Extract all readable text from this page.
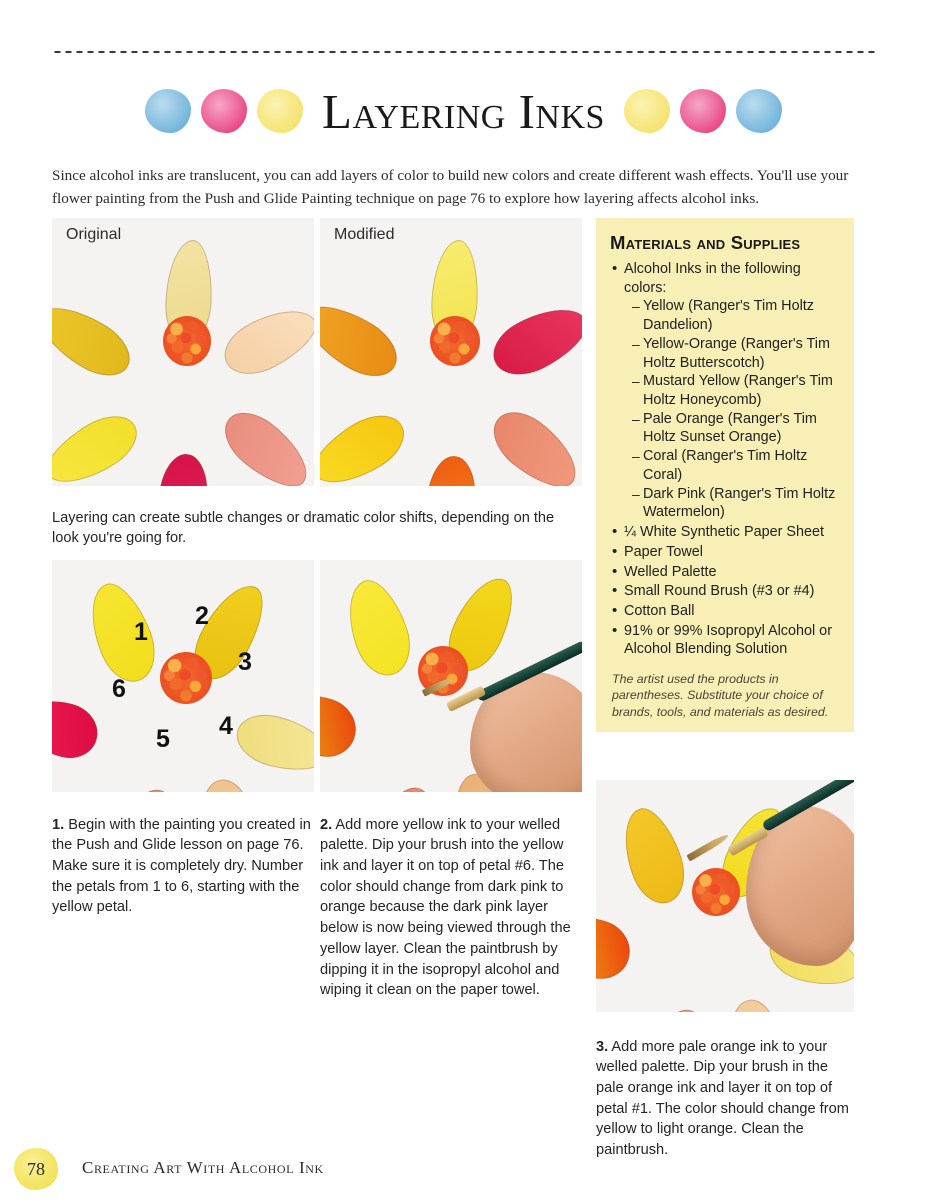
Layering Inks

Since alcohol inks are translucent, you can add layers of color to build new colors and create different wash effects. You'll use your flower painting from the Push and Glide Painting technique on page 76 to explore how layering affects alcohol inks.

Original	Modified

Layering can create subtle changes or dramatic color shifts, depending on the look you're going for.

1
2
3
4
5
6

1. Begin with the painting you created in the Push and Glide lesson on page 76. Make sure it is completely dry. Number the petals from 1 to 6, starting with the yellow petal.

2. Add more yellow ink to your welled palette. Dip your brush into the yellow ink and layer it on top of petal #6. The color should change from dark pink to orange because the dark pink layer below is now being viewed through the yellow layer. Clean the paintbrush by dipping it in the isopropyl alcohol and wiping it clean on the paper towel.

3. Add more pale orange ink to your welled palette. Dip your brush in the pale orange ink and layer it on top of petal #1. The color should change from yellow to light orange. Clean the paintbrush.

Materials and Supplies
• Alcohol Inks in the following colors:
– Yellow (Ranger's Tim Holtz Dandelion)
– Yellow-Orange (Ranger's Tim Holtz Butterscotch)
– Mustard Yellow (Ranger's Tim Holtz Honeycomb)
– Pale Orange (Ranger's Tim Holtz Sunset Orange)
– Coral (Ranger's Tim Holtz Coral)
– Dark Pink (Ranger's Tim Holtz Watermelon)
• ¼ White Synthetic Paper Sheet
• Paper Towel
• Welled Palette
• Small Round Brush (#3 or #4)
• Cotton Ball
• 91% or 99% Isopropyl Alcohol or Alcohol Blending Solution

The artist used the products in parentheses. Substitute your choice of brands, tools, and materials as desired.

78	Creating Art With Alcohol Ink
